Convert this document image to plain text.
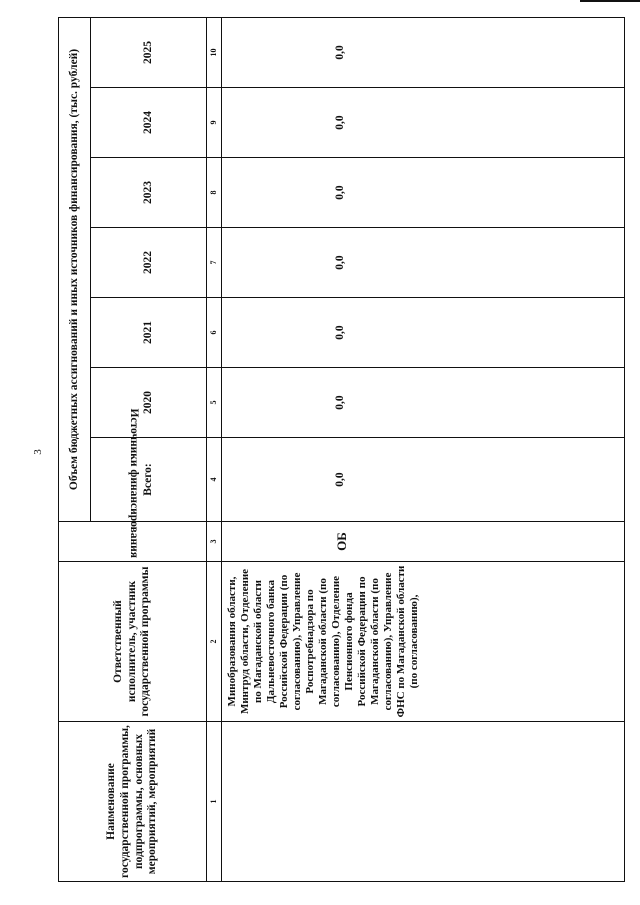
3
Наименование государственной программы, подпрограммы, основных мероприятий, мероприятий	Ответственный исполнитель, участник государственной программы	Источники финансирования	Объем бюджетных ассигнований и иных источников финансирования, (тыс. рублей)						
			Всего:	2020	2021	2022	2023	2024	2025
1	2	3	4	5	6	7	8	9	10
	Минобразования области, Минтруд области, Отделение по Магаданской области Дальневосточного банка Российской Федерации (по согласованию), Управление Роспотребнадзора по Магаданской области (по согласованию), Отделение Пенсионного фонда Российской Федерации по Магаданской области (по согласованию), Управление ФНС по Магаданской области (по согласованию),	ОБ	0,0	0,0	0,0	0,0	0,0	0,0	0,0
